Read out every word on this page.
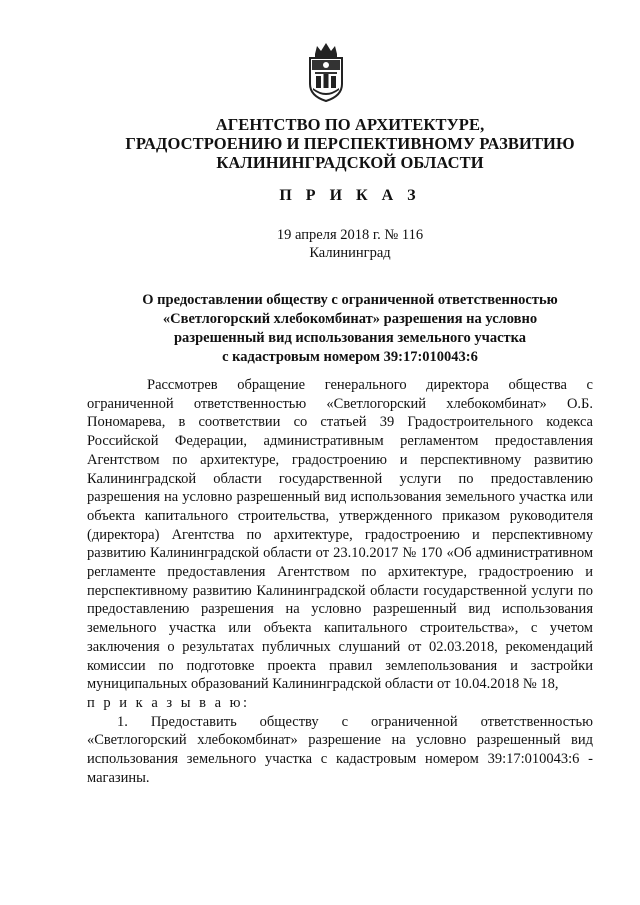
АГЕНТСТВО ПО АРХИТЕКТУРЕ,
ГРАДОСТРОЕНИЮ И ПЕРСПЕКТИВНОМУ РАЗВИТИЮ
КАЛИНИНГРАДСКОЙ ОБЛАСТИ
П Р И К А З
19 апреля 2018 г. № 116
Калининград
О предоставлении обществу с ограниченной ответственностью
«Светлогорский хлебокомбинат» разрешения на условно
разрешенный вид использования земельного участка
с кадастровым номером 39:17:010043:6

Рассмотрев обращение генерального директора общества с ограниченной ответственностью «Светлогорский хлебокомбинат» О.Б. Пономарева, в соответствии со статьей 39 Градостроительного кодекса Российской Федерации, административным регламентом предоставления Агентством по архитектуре, градостроению и перспективному развитию Калининградской области государственной услуги по предоставлению разрешения на условно разрешенный вид использования земельного участка или объекта капитального строительства, утвержденного приказом руководителя (директора) Агентства по архитектуре, градостроению и перспективному развитию Калининградской области от 23.10.2017 № 170 «Об административном регламенте предоставления Агентством по архитектуре, градостроению и перспективному развитию Калининградской области государственной услуги по предоставлению разрешения на условно разрешенный вид использования земельного участка или объекта капитального строительства», с учетом заключения о результатах публичных слушаний от 02.03.2018, рекомендаций комиссии по подготовке проекта правил землепользования и застройки муниципальных образований Калининградской области от 10.04.2018 № 18,

п р и к а з ы в а ю:

1. Предоставить обществу с ограниченной ответственностью «Светлогорский хлебокомбинат» разрешение на условно разрешенный вид использования земельного участка с кадастровым номером 39:17:010043:6 - магазины.
